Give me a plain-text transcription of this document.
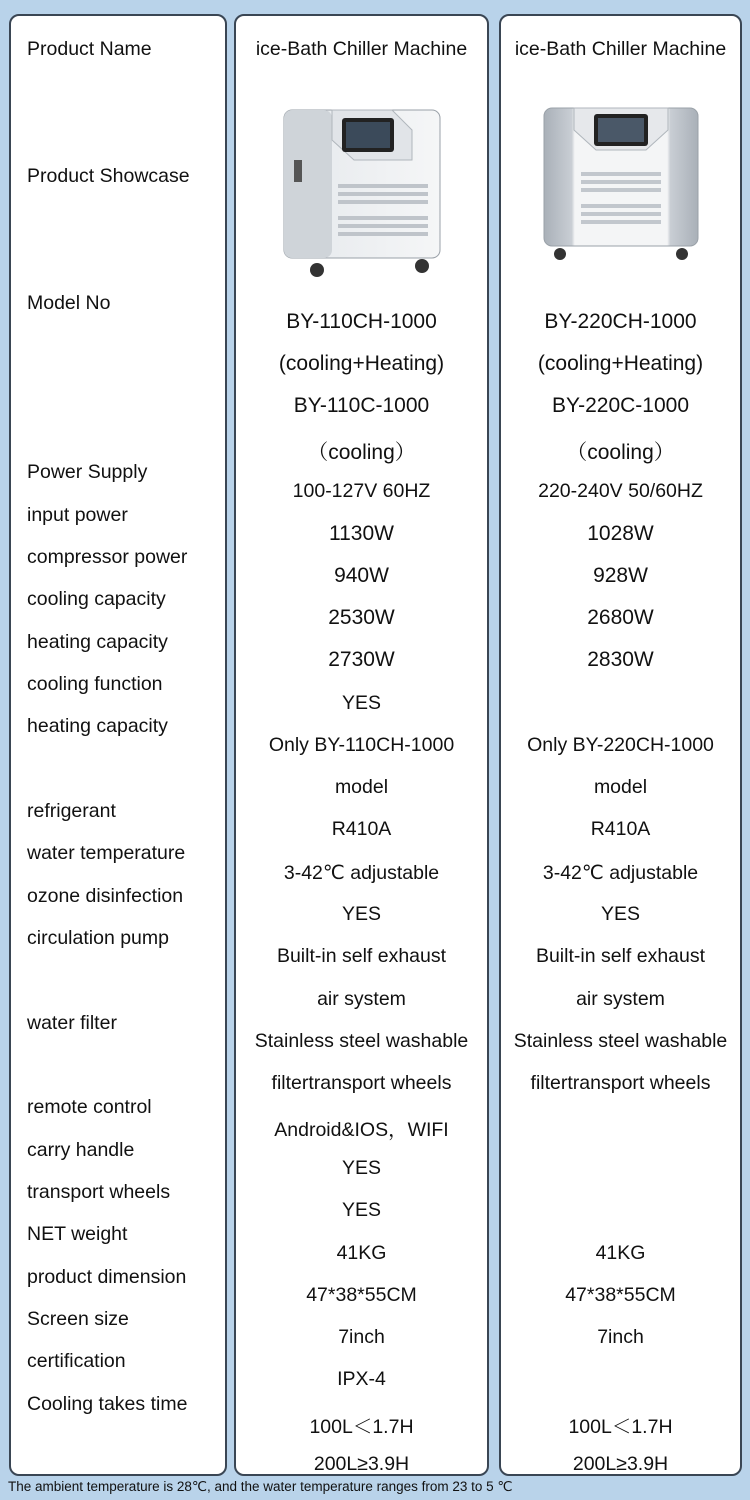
Product Name
Product Showcase
Model No
Power Supply
input power
compressor power
cooling capacity
heating capacity
cooling function
heating capacity
refrigerant
water temperature
ozone disinfection
circulation pump
water filter
remote control
carry handle
transport wheels
NET weight
product dimension
Screen size
certification
Cooling takes time
ice-Bath Chiller Machine
BY-110CH-1000
(cooling+Heating)
BY-110C-1000
（cooling）
100-127V 60HZ
1130W
940W
2530W
2730W
YES
Only BY-110CH-1000
model
R410A
3-42℃ adjustable
YES
Built-in self exhaust
air system
Stainless steel washable
filtertransport wheels
Android&IOS，WIFI
YES
YES
41KG
47*38*55CM
7inch
IPX-4
100L＜1.7H
200L≥3.9H
ice-Bath Chiller Machine
BY-220CH-1000
(cooling+Heating)
BY-220C-1000
（cooling）
220-240V 50/60HZ
1028W
928W
2680W
2830W
Only BY-220CH-1000
model
R410A
3-42℃ adjustable
YES
Built-in self exhaust
air system
Stainless steel washable
filtertransport wheels
41KG
47*38*55CM
7inch
100L＜1.7H
200L≥3.9H
The ambient temperature is 28℃, and the water temperature ranges from 23 to 5 ℃
